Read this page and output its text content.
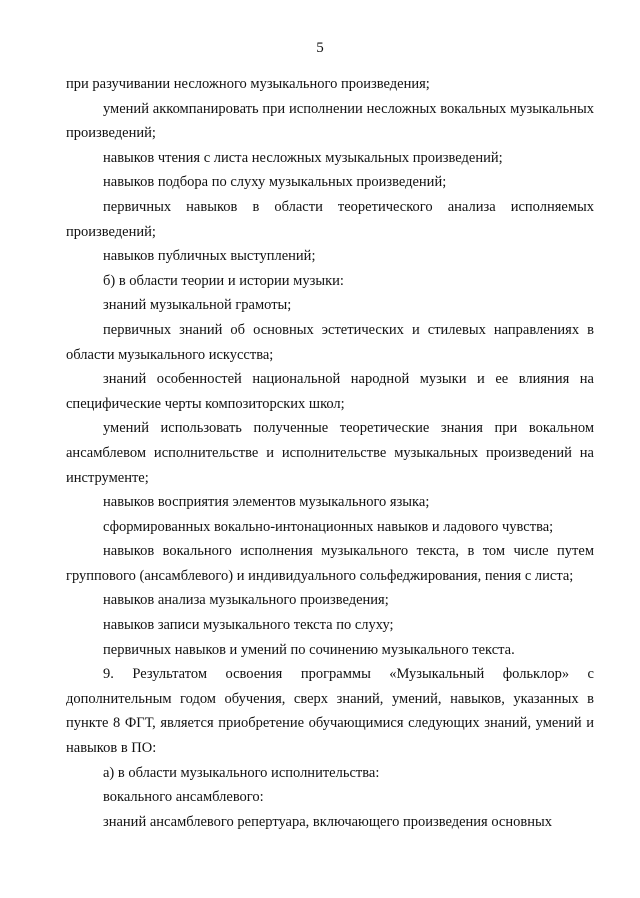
5

при разучивании несложного музыкального произведения;

умений аккомпанировать при исполнении несложных вокальных музыкальных произведений;

навыков чтения с листа несложных музыкальных произведений;

навыков подбора по слуху музыкальных произведений;

первичных навыков в области теоретического анализа исполняемых произведений;

навыков публичных выступлений;

б) в области теории и истории музыки:

знаний музыкальной грамоты;

первичных знаний об основных эстетических и стилевых направлениях в области музыкального искусства;

знаний особенностей национальной народной музыки и ее влияния на специфические черты композиторских школ;

умений использовать полученные теоретические знания при вокальном ансамблевом исполнительстве и исполнительстве музыкальных произведений на инструменте;

навыков восприятия элементов музыкального языка;

сформированных вокально-интонационных навыков и ладового чувства;

навыков вокального исполнения музыкального текста, в том числе путем группового (ансамблевого) и индивидуального сольфеджирования, пения с листа;

навыков анализа музыкального произведения;

навыков записи музыкального текста по слуху;

первичных навыков и умений по сочинению музыкального текста.

9. Результатом освоения программы «Музыкальный фольклор» с дополнительным годом обучения, сверх знаний, умений, навыков, указанных в пункте 8 ФГТ, является приобретение обучающимися следующих знаний, умений и навыков в ПО:

а) в области музыкального исполнительства:

вокального ансамблевого:

знаний ансамблевого репертуара, включающего произведения основных
